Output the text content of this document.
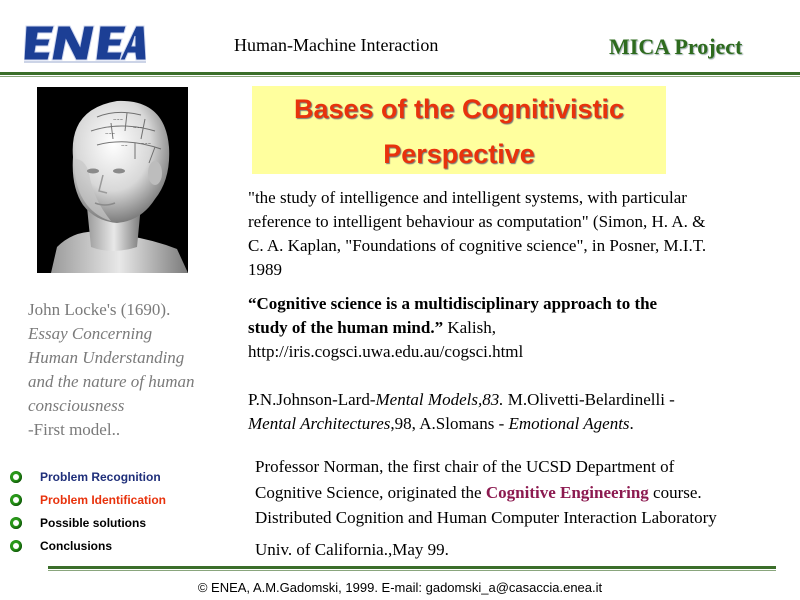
Human-Machine Interaction	MICA Project
~~~
~~~
~~~
~~~
~~
John Locke's (1690).
Essay Concerning
Human Understanding
and the nature of human
consciousness
-First model..
Bases of the Cognitivistic
Perspective
"the study of intelligence and intelligent systems, with particular
reference to intelligent behaviour as computation" (Simon, H. A. &
C. A. Kaplan, "Foundations of cognitive science", in Posner, M.I.T.
1989
“Cognitive science is a multidisciplinary approach to the
study of the human mind.” Kalish,
http://iris.cogsci.uwa.edu.au/cogsci.html
P.N.Johnson-Lard-Mental Models,83. M.Olivetti-Belardinelli -
Mental Architectures,98, A.Slomans - Emotional Agents.
Professor Norman, the first chair of the UCSD Department of
Cognitive Science, originated the Cognitive Engineering course.
Distributed Cognition and Human Computer Interaction Laboratory
Univ. of California.,May 99.
Problem Recognition
Problem Identification
Possible solutions
Conclusions
© ENEA, A.M.Gadomski, 1999. E-mail: gadomski_a@casaccia.enea.it
